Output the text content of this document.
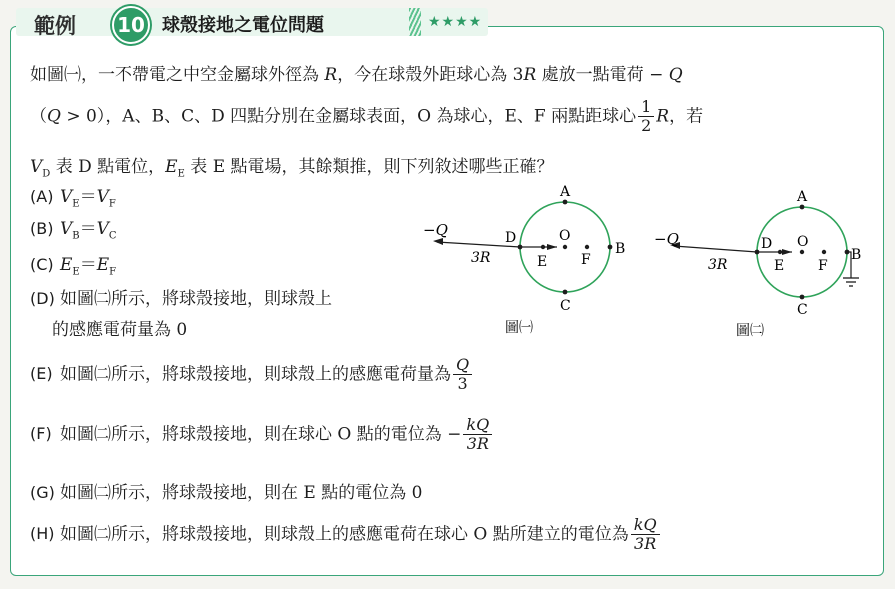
範例 10 球殼接地之電位問題	★★★★
如圖㈠，一不帶電之中空金屬球外徑為 R，今在球殼外距球心為 3R 處放一點電荷 − Q
（Q > 0），A、B、C、D 四點分別在金屬球表面，O 為球心，E、F 兩點距球心 $\frac{1}{2}$ R，若
$V_D$ 表 D 點電位，$E_E$ 表 E 點電場，其餘類推，則下列敘述哪些正確？
(A) $V_E=V_F$
(B) $V_B=V_C$
(C) $E_E=E_F$
(D) 如圖㈡所示，將球殼接地，則球殼上
的感應電荷量為 0
(E) 如圖㈡所示，將球殼接地，則球殼上的感應電荷量為 $\frac{Q}{3}$
(F) 如圖㈡所示，將球殼接地，則在球心 O 點的電位為 − $\frac{kQ}{3R}$
(G) 如圖㈡所示，將球殼接地，則在 E 點的電位為 0
(H) 如圖㈡所示，將球殼接地，則球殼上的感應電荷在球心 O 點所建立的電位為 $\frac{kQ}{3R}$
−Q
3R
A
B
C
D	O
E F
圖㈠
−Q
3R
A
B
C
D O
E F
圖㈡
